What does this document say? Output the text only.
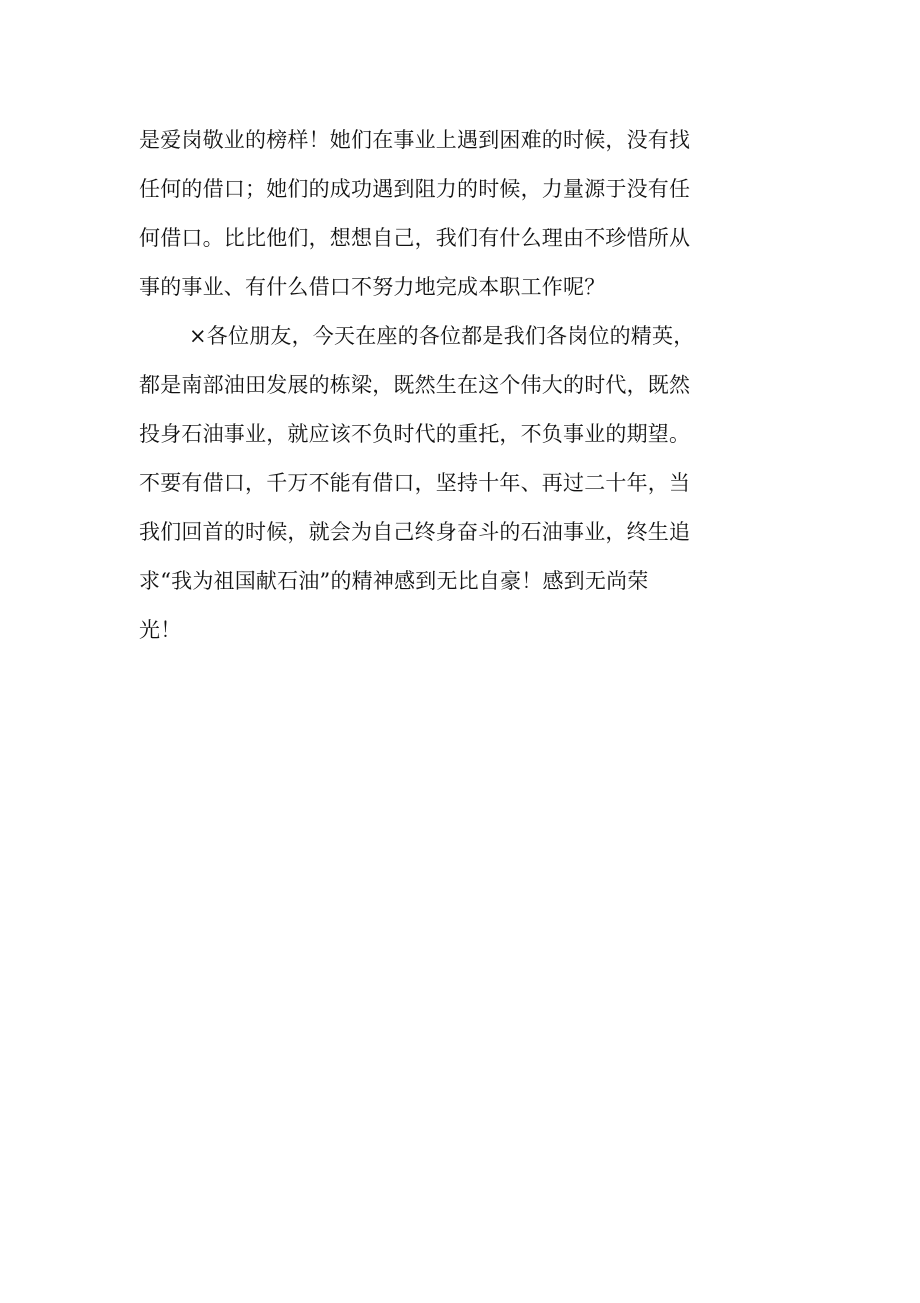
是爱岗敬业的榜样！她们在事业上遇到困难的时候，没有找
任何的借口；她们的成功遇到阻力的时候，力量源于没有任
何借口。比比他们，想想自己，我们有什么理由不珍惜所从
事的事业、有什么借口不努力地完成本职工作呢？
×各位朋友，今天在座的各位都是我们各岗位的精英，
都是南部油田发展的栋梁，既然生在这个伟大的时代，既然
投身石油事业，就应该不负时代的重托，不负事业的期望。
不要有借口，千万不能有借口，坚持十年、再过二十年，当
我们回首的时候，就会为自己终身奋斗的石油事业，终生追
求“我为祖国献石油”的精神感到无比自豪！感到无尚荣
光！
